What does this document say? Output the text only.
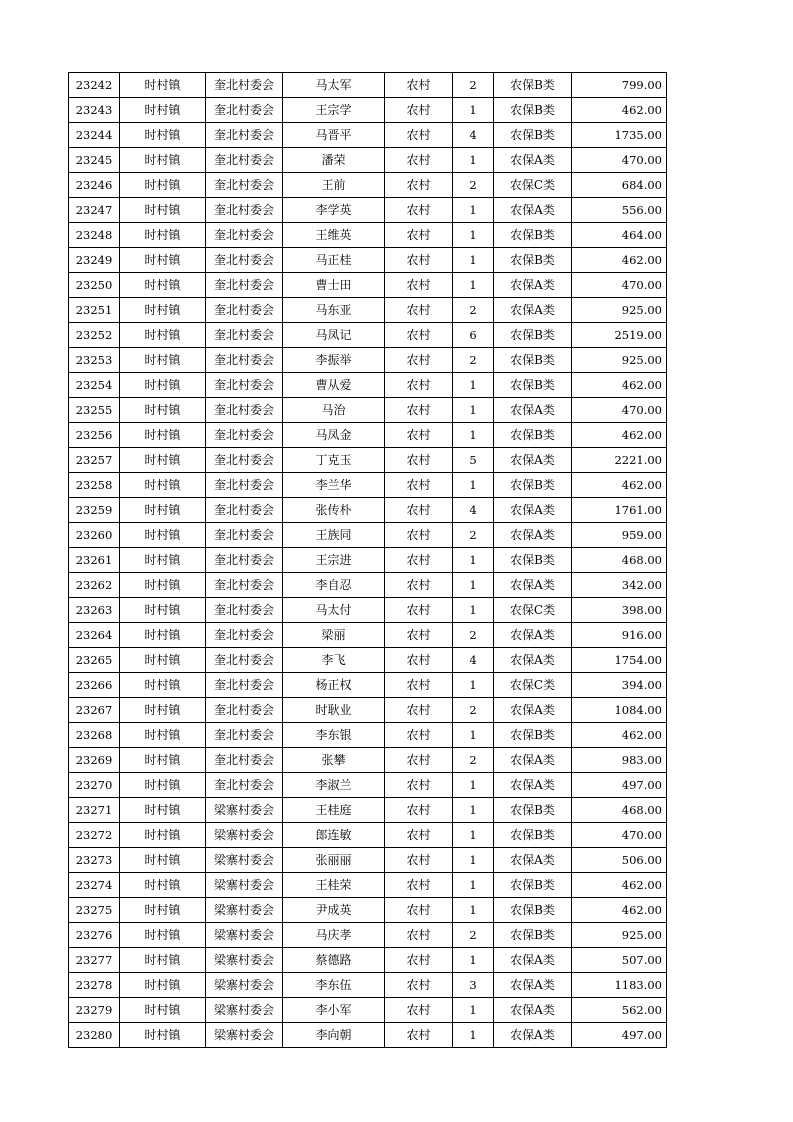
23242	时村镇	奎北村委会	马太军	农村	2	农保B类	799.00
23243	时村镇	奎北村委会	王宗学	农村	1	农保B类	462.00
23244	时村镇	奎北村委会	马晋平	农村	4	农保B类	1735.00
23245	时村镇	奎北村委会	潘荣	农村	1	农保A类	470.00
23246	时村镇	奎北村委会	王前	农村	2	农保C类	684.00
23247	时村镇	奎北村委会	李学英	农村	1	农保A类	556.00
23248	时村镇	奎北村委会	王维英	农村	1	农保B类	464.00
23249	时村镇	奎北村委会	马正桂	农村	1	农保B类	462.00
23250	时村镇	奎北村委会	曹士田	农村	1	农保A类	470.00
23251	时村镇	奎北村委会	马东亚	农村	2	农保A类	925.00
23252	时村镇	奎北村委会	马凤记	农村	6	农保B类	2519.00
23253	时村镇	奎北村委会	李振举	农村	2	农保B类	925.00
23254	时村镇	奎北村委会	曹从爱	农村	1	农保B类	462.00
23255	时村镇	奎北村委会	马治	农村	1	农保A类	470.00
23256	时村镇	奎北村委会	马凤金	农村	1	农保B类	462.00
23257	时村镇	奎北村委会	丁克玉	农村	5	农保A类	2221.00
23258	时村镇	奎北村委会	李兰华	农村	1	农保B类	462.00
23259	时村镇	奎北村委会	张传朴	农村	4	农保A类	1761.00
23260	时村镇	奎北村委会	王族同	农村	2	农保A类	959.00
23261	时村镇	奎北村委会	王宗进	农村	1	农保B类	468.00
23262	时村镇	奎北村委会	李自忍	农村	1	农保A类	342.00
23263	时村镇	奎北村委会	马太付	农村	1	农保C类	398.00
23264	时村镇	奎北村委会	梁丽	农村	2	农保A类	916.00
23265	时村镇	奎北村委会	李飞	农村	4	农保A类	1754.00
23266	时村镇	奎北村委会	杨正权	农村	1	农保C类	394.00
23267	时村镇	奎北村委会	时耿业	农村	2	农保A类	1084.00
23268	时村镇	奎北村委会	李东银	农村	1	农保B类	462.00
23269	时村镇	奎北村委会	张攀	农村	2	农保A类	983.00
23270	时村镇	奎北村委会	李淑兰	农村	1	农保A类	497.00
23271	时村镇	梁寨村委会	王桂庭	农村	1	农保B类	468.00
23272	时村镇	梁寨村委会	郎连敏	农村	1	农保B类	470.00
23273	时村镇	梁寨村委会	张丽丽	农村	1	农保A类	506.00
23274	时村镇	梁寨村委会	王桂荣	农村	1	农保B类	462.00
23275	时村镇	梁寨村委会	尹成英	农村	1	农保B类	462.00
23276	时村镇	梁寨村委会	马庆孝	农村	2	农保B类	925.00
23277	时村镇	梁寨村委会	蔡德路	农村	1	农保A类	507.00
23278	时村镇	梁寨村委会	李东伍	农村	3	农保A类	1183.00
23279	时村镇	梁寨村委会	李小军	农村	1	农保A类	562.00
23280	时村镇	梁寨村委会	李向朝	农村	1	农保A类	497.00
